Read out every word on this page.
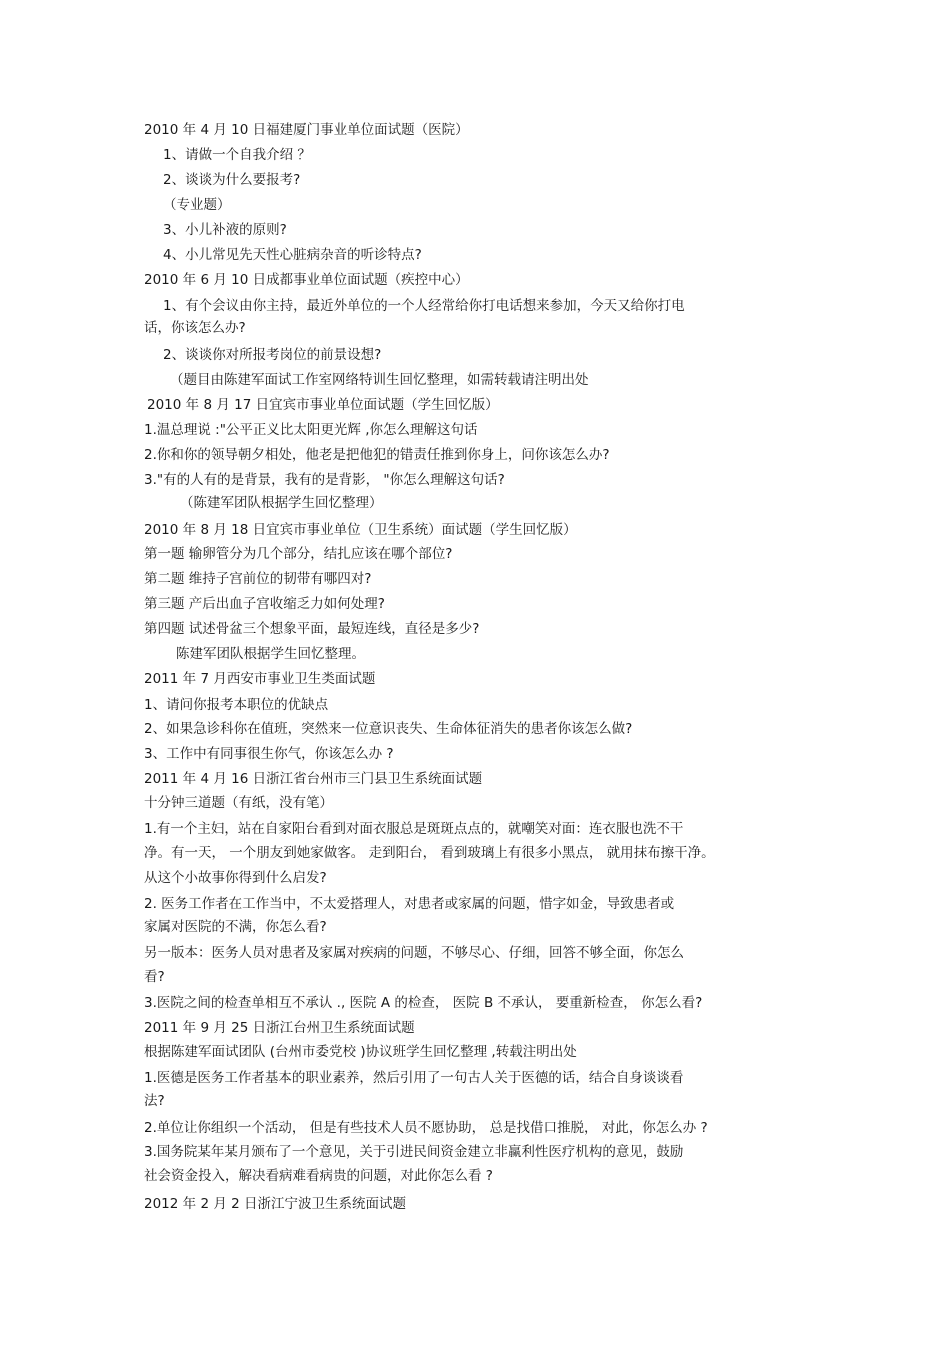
2010 年 4 月 10 日福建厦门事业单位面试题（医院）
1、请做一个自我介绍 ？
2、谈谈为什么要报考?
（专业题）
3、小儿补液的原则?
4、小儿常见先天性心脏病杂音的听诊特点?
2010 年 6 月 10 日成都事业单位面试题（疾控中心）
1、有个会议由你主持，最近外单位的一个人经常给你打电话想来参加，今天又给你打电
话，你该怎么办?
2、谈谈你对所报考岗位的前景设想?
（题目由陈建军面试工作室网络特训生回忆整理，如需转载请注明出处
2010 年 8 月 17 日宜宾市事业单位面试题（学生回忆版）
1.温总理说 :"公平正义比太阳更光辉 ,你怎么理解这句话
2.你和你的领导朝夕相处，他老是把他犯的错责任推到你身上，问你该怎么办?
3."有的人有的是背景，我有的是背影， "你怎么理解这句话?
（陈建军团队根据学生回忆整理）
2010 年 8 月 18 日宜宾市事业单位（卫生系统）面试题（学生回忆版）
第一题 输卵管分为几个部分，结扎应该在哪个部位?
第二题 维持子宫前位的韧带有哪四对?
第三题 产后出血子宫收缩乏力如何处理?
第四题 试述骨盆三个想象平面，最短连线，直径是多少?
陈建军团队根据学生回忆整理。
2011 年 7 月西安市事业卫生类面试题
1、请问你报考本职位的优缺点
2、如果急诊科你在值班，突然来一位意识丧失、生命体征消失的患者你该怎么做?
3、工作中有同事很生你气，你该怎么办 ?
2011 年 4 月 16 日浙江省台州市三门县卫生系统面试题
十分钟三道题（有纸，没有笔）
1.有一个主妇，站在自家阳台看到对面衣服总是斑斑点点的，就嘲笑对面：连衣服也洗不干
净。有一天， 一个朋友到她家做客。 走到阳台， 看到玻璃上有很多小黑点， 就用抹布擦干净。
从这个小故事你得到什么启发?
2. 医务工作者在工作当中，不太爱搭理人，对患者或家属的问题，惜字如金，导致患者或
家属对医院的不满，你怎么看?
另一版本：医务人员对患者及家属对疾病的问题，不够尽心、仔细，回答不够全面，你怎么
看?
3.医院之间的检查单相互不承认 ., 医院 A 的检查， 医院 B 不承认， 要重新检查， 你怎么看?
2011 年 9 月 25 日浙江台州卫生系统面试题
根据陈建军面试团队 (台州市委党校 )协议班学生回忆整理 ,转载注明出处
1.医德是医务工作者基本的职业素养，然后引用了一句古人关于医德的话，结合自身谈谈看
法?
2.单位让你组织一个活动， 但是有些技术人员不愿协助， 总是找借口推脱， 对此，你怎么办 ?
3.国务院某年某月颁布了一个意见，关于引进民间资金建立非赢利性医疗机构的意见，鼓励
社会资金投入，解决看病难看病贵的问题，对此你怎么看 ?
2012 年 2 月 2 日浙江宁波卫生系统面试题
